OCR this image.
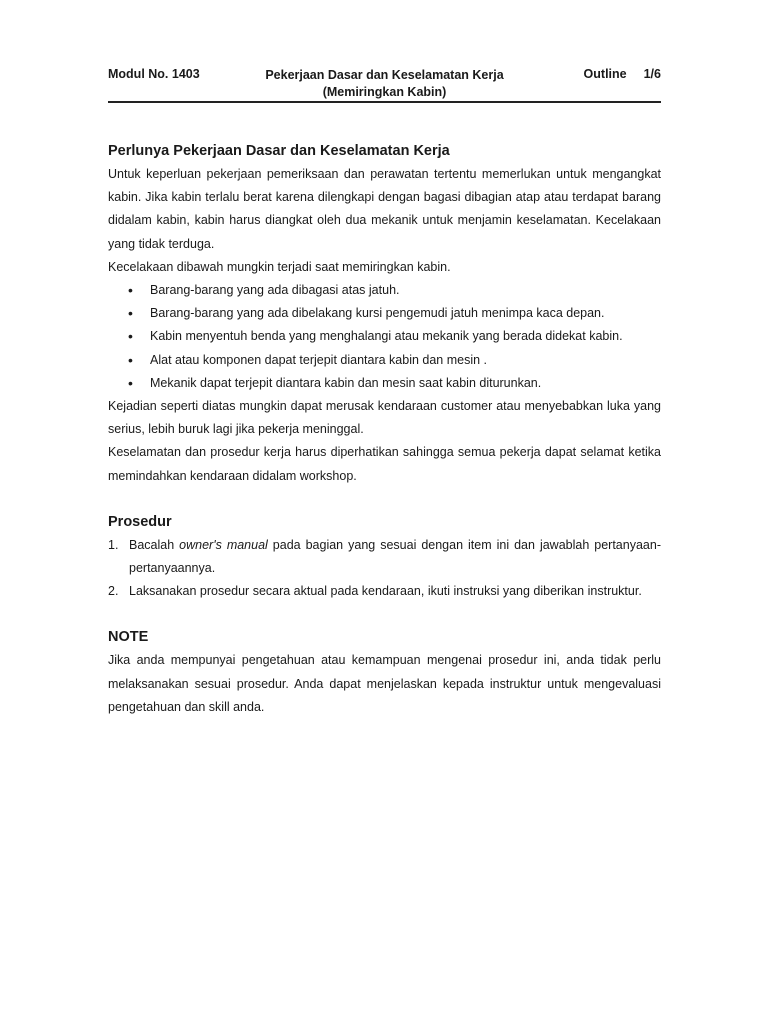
Modul No. 1403	Pekerjaan Dasar dan Keselamatan Kerja
(Memiringkan Kabin)
Outline 1/6
Perlunya Pekerjaan Dasar dan Keselamatan Kerja

Untuk keperluan pekerjaan pemeriksaan dan perawatan tertentu memerlukan untuk mengangkat kabin. Jika kabin terlalu berat karena dilengkapi dengan bagasi dibagian atap atau terdapat barang didalam kabin, kabin harus diangkat oleh dua mekanik untuk menjamin keselamatan. Kecelakaan yang tidak terduga.

Kecelakaan dibawah mungkin terjadi saat memiringkan kabin.

• Barang-barang yang ada dibagasi atas jatuh.
• Barang-barang yang ada dibelakang kursi pengemudi jatuh menimpa kaca depan.
• Kabin menyentuh benda yang menghalangi atau mekanik yang berada didekat kabin.
• Alat atau komponen dapat terjepit diantara kabin dan mesin .
• Mekanik dapat terjepit diantara kabin dan mesin saat kabin diturunkan.

Kejadian seperti diatas mungkin dapat merusak kendaraan customer atau menyebabkan luka yang serius, lebih buruk lagi jika pekerja meninggal.

Keselamatan dan prosedur kerja harus diperhatikan sahingga semua pekerja dapat selamat ketika memindahkan kendaraan didalam workshop.

Prosedur
1. Bacalah owner's manual pada bagian yang sesuai dengan item ini dan jawablah pertanyaan-pertanyaannya.
2. Laksanakan prosedur secara aktual pada kendaraan, ikuti instruksi yang diberikan instruktur.
NOTE

Jika anda mempunyai pengetahuan atau kemampuan mengenai prosedur ini, anda tidak perlu melaksanakan sesuai prosedur. Anda dapat menjelaskan kepada instruktur untuk mengevaluasi pengetahuan dan skill anda.
